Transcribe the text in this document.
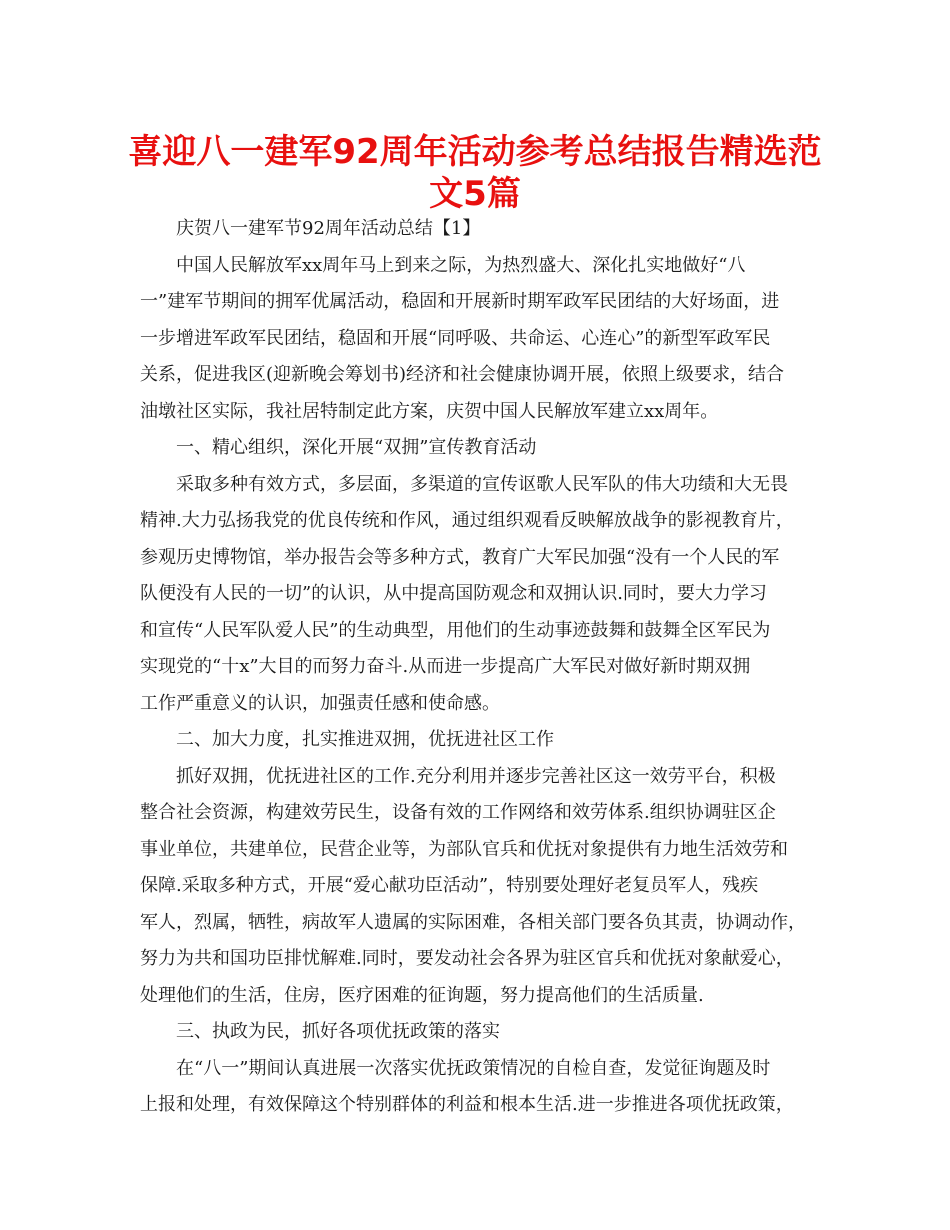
喜迎八一建军92周年活动参考总结报告精选范
文5篇

庆贺八一建军节92周年活动总结【1】

中国人民解放军xx周年马上到来之际，为热烈盛大、深化扎实地做好“八

一”建军节期间的拥军优属活动，稳固和开展新时期军政军民团结的大好场面，进

一步增进军政军民团结，稳固和开展“同呼吸、共命运、心连心”的新型军政军民

关系，促进我区(迎新晚会筹划书)经济和社会健康协调开展，依照上级要求，结合

油墩社区实际，我社居特制定此方案，庆贺中国人民解放军建立xx周年。

一、精心组织，深化开展“双拥”宣传教育活动

采取多种有效方式，多层面，多渠道的宣传讴歌人民军队的伟大功绩和大无畏

精神.大力弘扬我党的优良传统和作风，通过组织观看反映解放战争的影视教育片，

参观历史博物馆，举办报告会等多种方式，教育广大军民加强“没有一个人民的军

队便没有人民的一切”的认识，从中提高国防观念和双拥认识.同时，要大力学习

和宣传“人民军队爱人民”的生动典型，用他们的生动事迹鼓舞和鼓舞全区军民为

实现党的“十x”大目的而努力奋斗.从而进一步提高广大军民对做好新时期双拥

工作严重意义的认识，加强责任感和使命感。

二、加大力度，扎实推进双拥，优抚进社区工作

抓好双拥，优抚进社区的工作.充分利用并逐步完善社区这一效劳平台，积极

整合社会资源，构建效劳民生，设备有效的工作网络和效劳体系.组织协调驻区企

事业单位，共建单位，民营企业等，为部队官兵和优抚对象提供有力地生活效劳和

保障.采取多种方式，开展“爱心献功臣活动”，特别要处理好老复员军人，残疾

军人，烈属，牺牲，病故军人遗属的实际困难，各相关部门要各负其责，协调动作，

努力为共和国功臣排忧解难.同时，要发动社会各界为驻区官兵和优抚对象献爱心，

处理他们的生活，住房，医疗困难的征询题，努力提高他们的生活质量.

三、执政为民，抓好各项优抚政策的落实

在“八一”期间认真进展一次落实优抚政策情况的自检自查，发觉征询题及时

上报和处理，有效保障这个特别群体的利益和根本生活.进一步推进各项优抚政策，
